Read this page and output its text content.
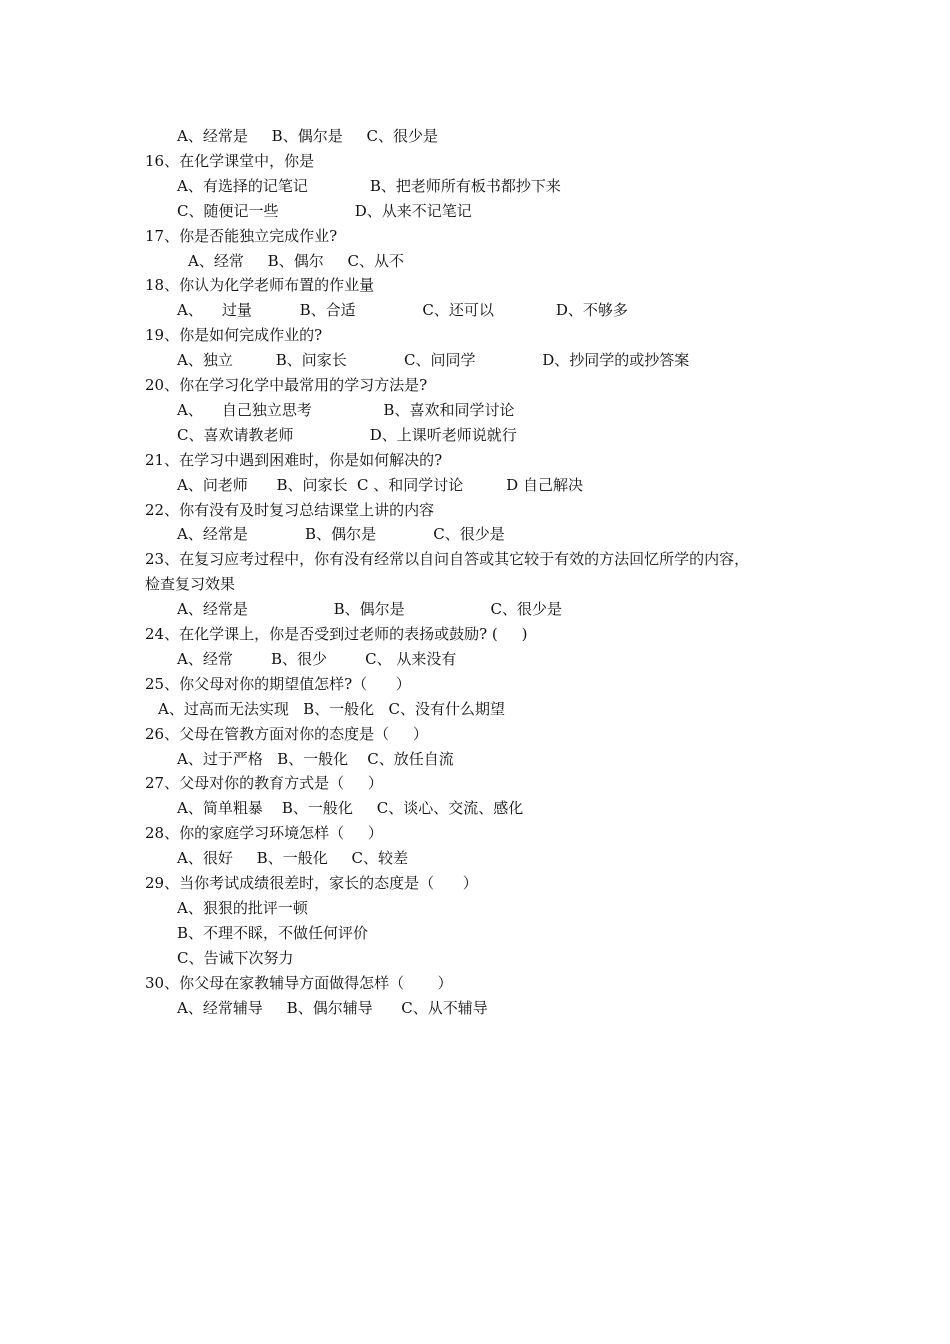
A、经常是     B、偶尔是     C、很少是
16、在化学课堂中，你是
A、有选择的记笔记             B、把老师所有板书都抄下来
C、随便记一些                D、从来不记笔记
17、你是否能独立完成作业?
A、经常     B、偶尔     C、从不
18、你认为化学老师布置的作业量
A、    过量          B、合适              C、还可以             D、不够多
19、你是如何完成作业的?
A、独立         B、问家长            C、问同学              D、抄同学的或抄答案
20、你在学习化学中最常用的学习方法是?
A、    自己独立思考               B、喜欢和同学讨论
C、喜欢请教老师                D、上课听老师说就行
21、在学习中遇到困难时，你是如何解决的?
A、问老师      B、问家长  C 、和同学讨论         D 自己解决
22、你有没有及时复习总结课堂上讲的内容
A、经常是            B、偶尔是            C、很少是
23、在复习应考过程中，你有没有经常以自问自答或其它较于有效的方法回忆所学的内容，
检查复习效果
A、经常是                  B、偶尔是                  C、很少是
24、在化学课上，你是否受到过老师的表扬或鼓励? (     )
A、经常        B、很少        C、 从来没有
25、你父母对你的期望值怎样?（      ）
A、过高而无法实现   B、一般化   C、没有什么期望
26、父母在管教方面对你的态度是（     ）
A、过于严格   B、一般化    C、放任自流
27、父母对你的教育方式是（     ）
A、简单粗暴    B、一般化     C、谈心、交流、感化
28、你的家庭学习环境怎样（     ）
A、很好     B、一般化     C、较差
29、当你考试成绩很差时，家长的态度是（      ）
A、狠狠的批评一顿
B、不理不睬，不做任何评价
C、告诫下次努力
30、你父母在家教辅导方面做得怎样（       ）
A、经常辅导     B、偶尔辅导      C、从不辅导
